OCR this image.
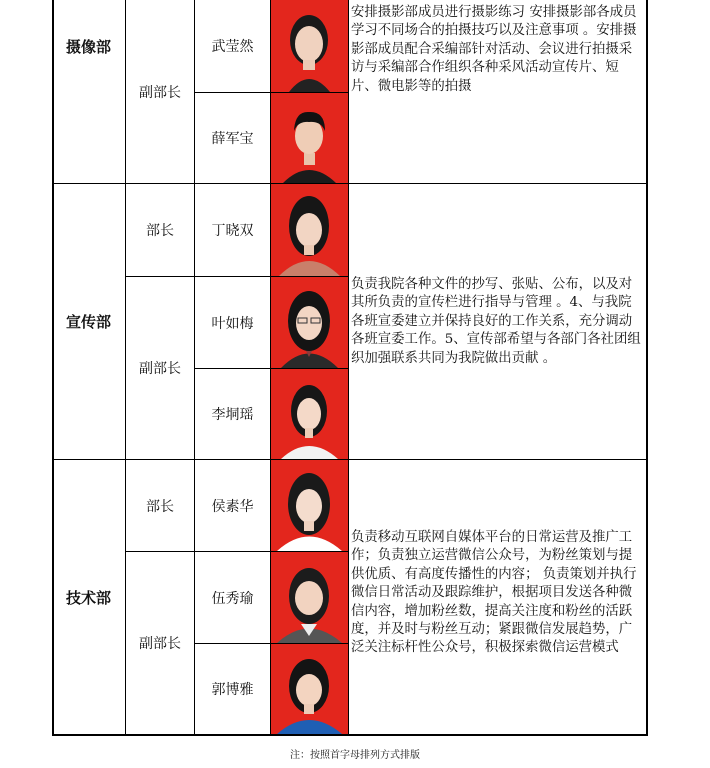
摄像部
副部长
武莹然
薛军宝
安排摄影部成员进行摄影练习 安排摄影部各成员学习不同场合的拍摄技巧以及注意事项 。安排摄影部成员配合采编部针对活动、会议进行拍摄采访与采编部合作组织各种采风活动宣传片、短片、微电影等的拍摄
宣传部
部长
副部长
丁晓双
叶如梅
李垌瑶
负责我院各种文件的抄写、张贴、公布，以及对其所负责的宣传栏进行指导与管理 。4、与我院各班宣委建立并保持良好的工作关系，充分调动各班宣委工作。5、宣传部希望与各部门各社团组织加强联系共同为我院做出贡献 。
技术部
部长
副部长
侯素华
伍秀瑜
郭博雅
负责移动互联网自媒体平台的日常运营及推广工作；负责独立运营微信公众号，为粉丝策划与提供优质、有高度传播性的内容； 负责策划并执行微信日常活动及跟踪维护，根据项目发送各种微信内容，增加粉丝数，提高关注度和粉丝的活跃度，并及时与粉丝互动；紧跟微信发展趋势，广泛关注标杆性公众号，积极探索微信运营模式
注：按照首字母排列方式排版
